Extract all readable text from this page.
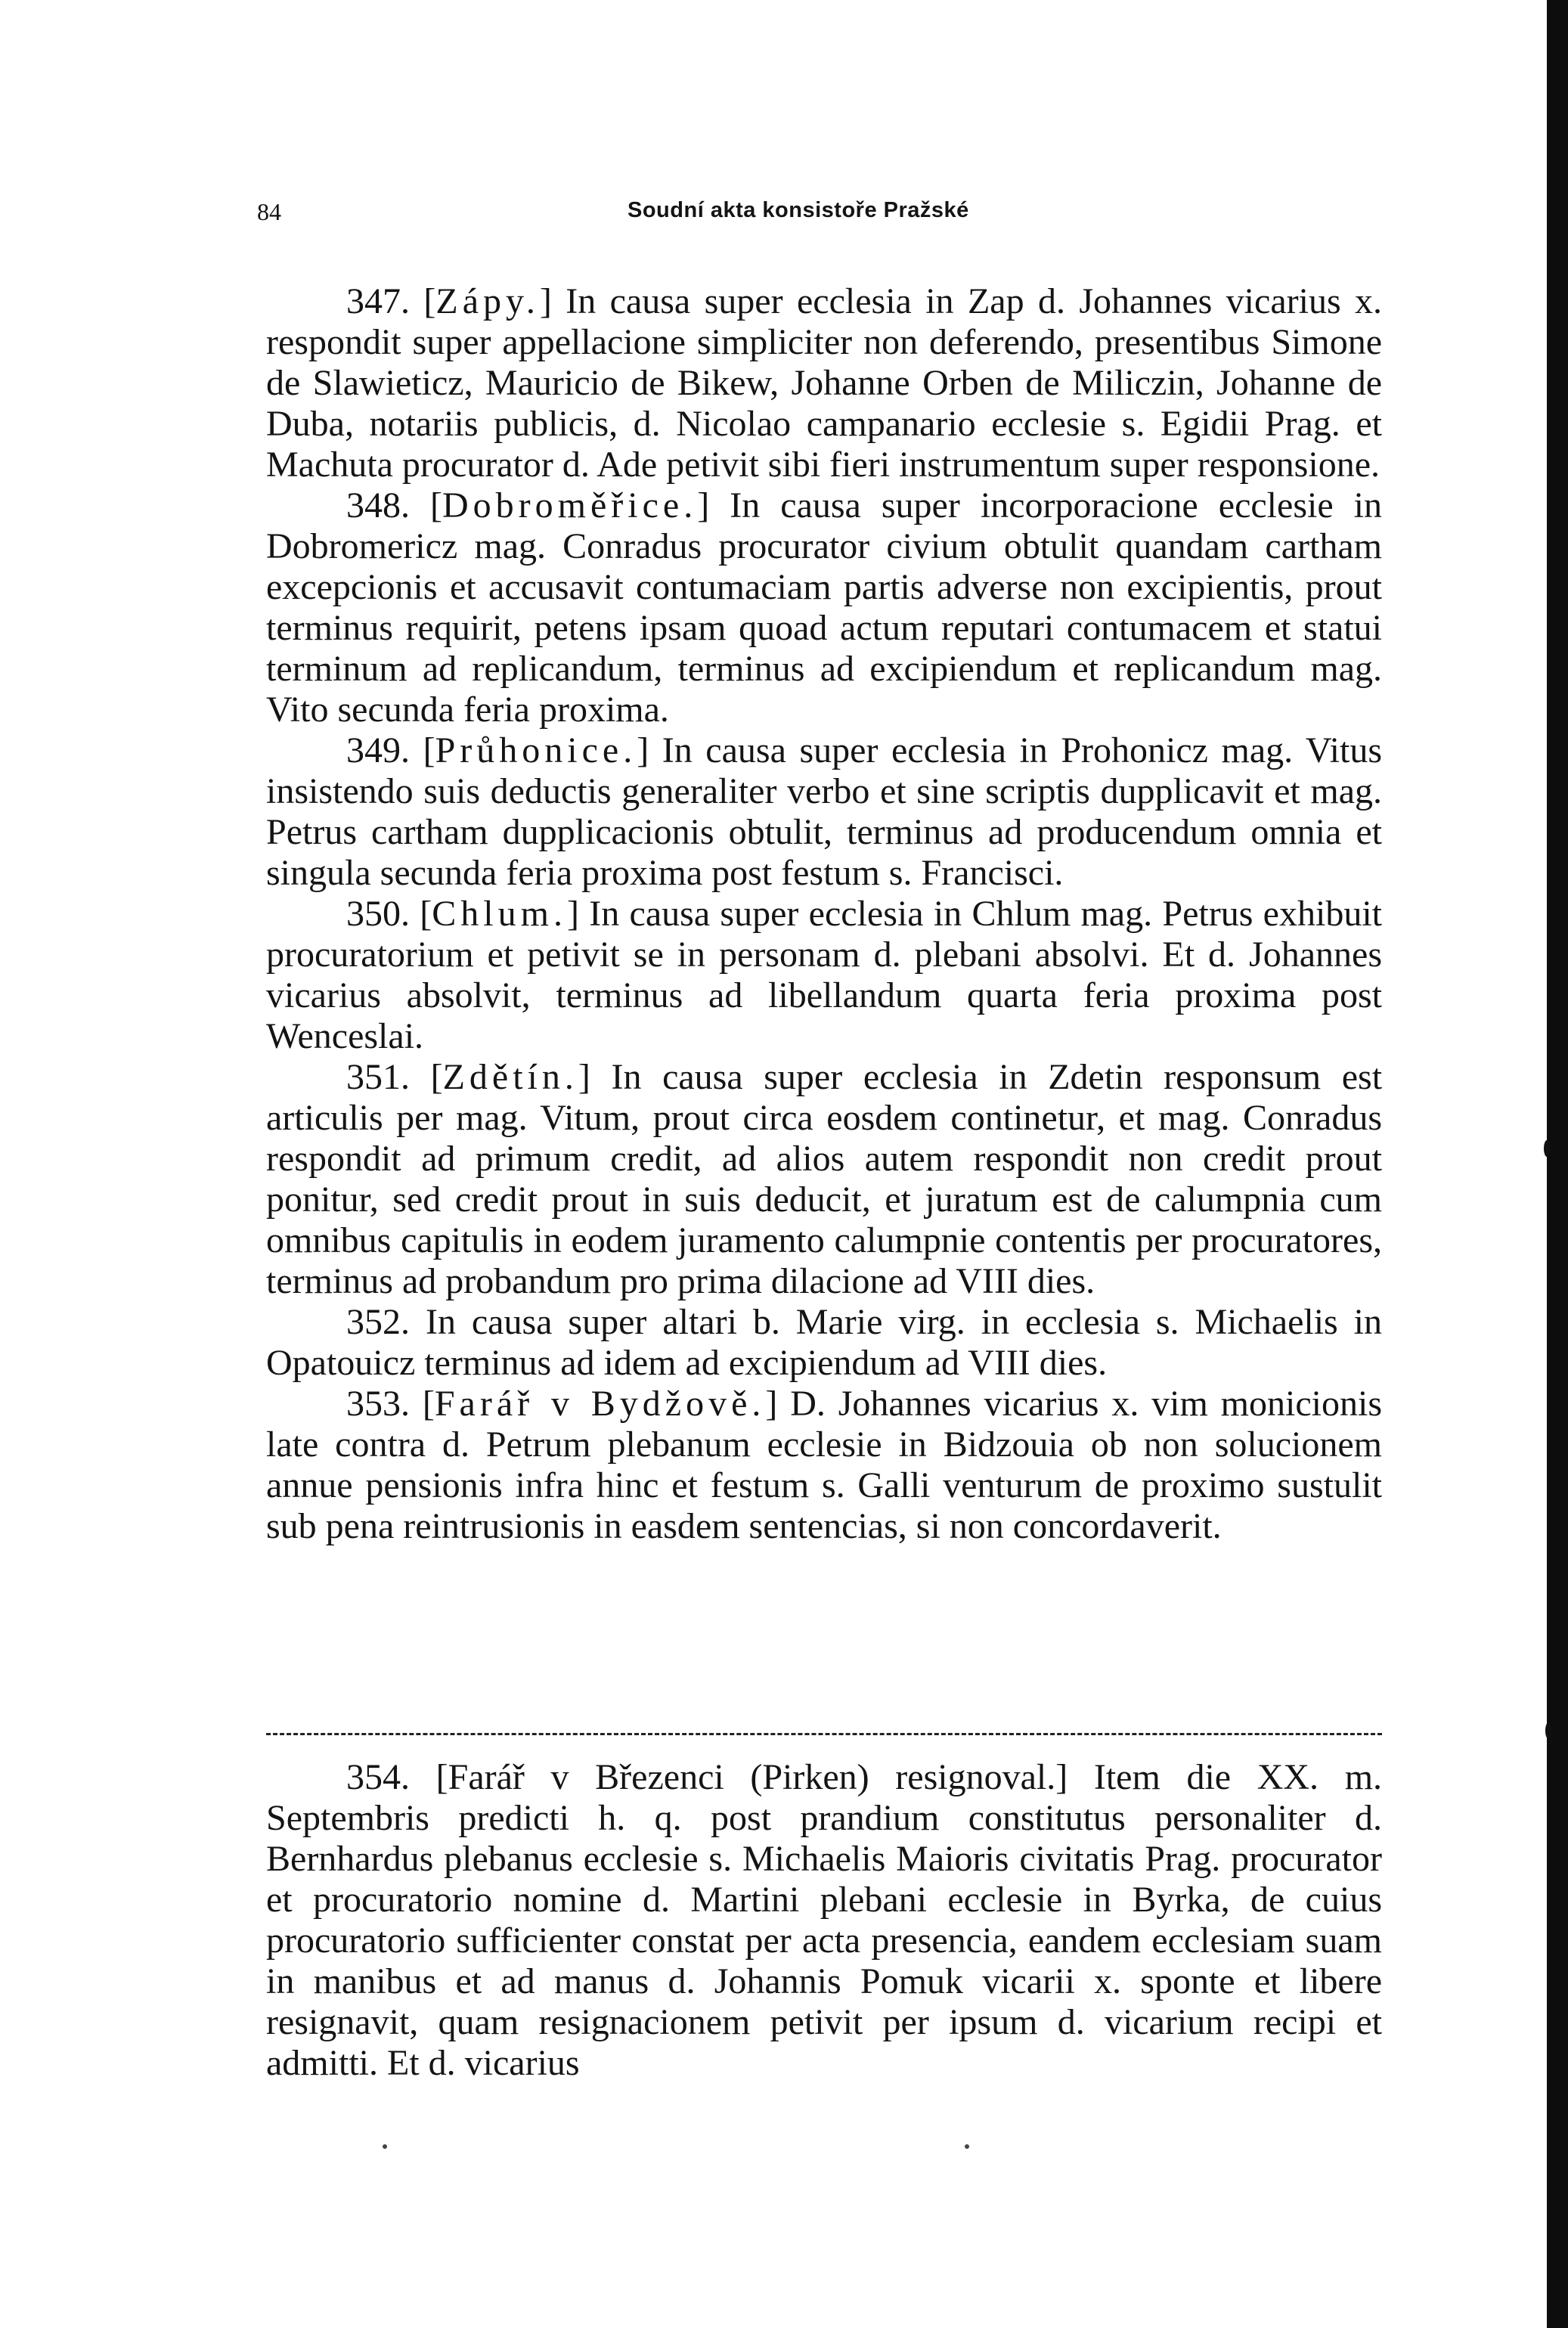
84	Soudní akta konsistoře Pražské

347. [Zápy.] In causa super ecclesia in Zap d. Johannes vicarius x. respondit super appellacione simpliciter non deferendo, presentibus Simone de Slawieticz, Mauricio de Bikew, Johanne Orben de Miliczin, Johanne de Duba, notariis publicis, d. Nicolao campanario ecclesie s. Egidii Prag. et Machuta procurator d. Ade petivit sibi fieri instrumentum super responsione.

348. [Dobroměřice.] In causa super incorporacione ecclesie in Dobromericz mag. Conradus procurator civium obtulit quandam cartham excepcionis et accusavit contumaciam partis adverse non excipientis, prout terminus requirit, petens ipsam quoad actum reputari contumacem et statui terminum ad replicandum, terminus ad excipiendum et replicandum mag. Vito secunda feria proxima.

349. [Průhonice.] In causa super ecclesia in Prohonicz mag. Vitus insistendo suis deductis generaliter verbo et sine scriptis dupplicavit et mag. Petrus cartham dupplicacionis obtulit, terminus ad producendum omnia et singula secunda feria proxima post festum s. Francisci.

350. [Chlum.] In causa super ecclesia in Chlum mag. Petrus exhibuit procuratorium et petivit se in personam d. plebani absolvi. Et d. Johannes vicarius absolvit, terminus ad libellandum quarta feria proxima post Wenceslai.

351. [Zdětín.] In causa super ecclesia in Zdetin responsum est articulis per mag. Vitum, prout circa eosdem continetur, et mag. Conradus respondit ad primum credit, ad alios autem respondit non credit prout ponitur, sed credit prout in suis deducit, et juratum est de calumpnia cum omnibus capitulis in eodem juramento calumpnie contentis per procuratores, terminus ad probandum pro prima dilacione ad VIII dies.

352. In causa super altari b. Marie virg. in ecclesia s. Michaelis in Opatouicz terminus ad idem ad excipiendum ad VIII dies.

353. [Farář v Bydžově.] D. Johannes vicarius x. vim monicionis late contra d. Petrum plebanum ecclesie in Bidzouia ob non solucionem annue pensionis infra hinc et festum s. Galli venturum de proximo sustulit sub pena reintrusionis in easdem sentencias, si non concordaverit.

354. [Farář v Březenci (Pirken) resignoval.] Item die XX. m. Septembris predicti h. q. post prandium constitutus personaliter d. Bernhardus plebanus ecclesie s. Michaelis Maioris civitatis Prag. procurator et procuratorio nomine d. Martini plebani ecclesie in Byrka, de cuius procuratorio sufficienter constat per acta presencia, eandem ecclesiam suam in manibus et ad manus d. Johannis Pomuk vicarii x. sponte et libere resignavit, quam resignacionem petivit per ipsum d. vicarium recipi et admitti. Et d. vicarius
